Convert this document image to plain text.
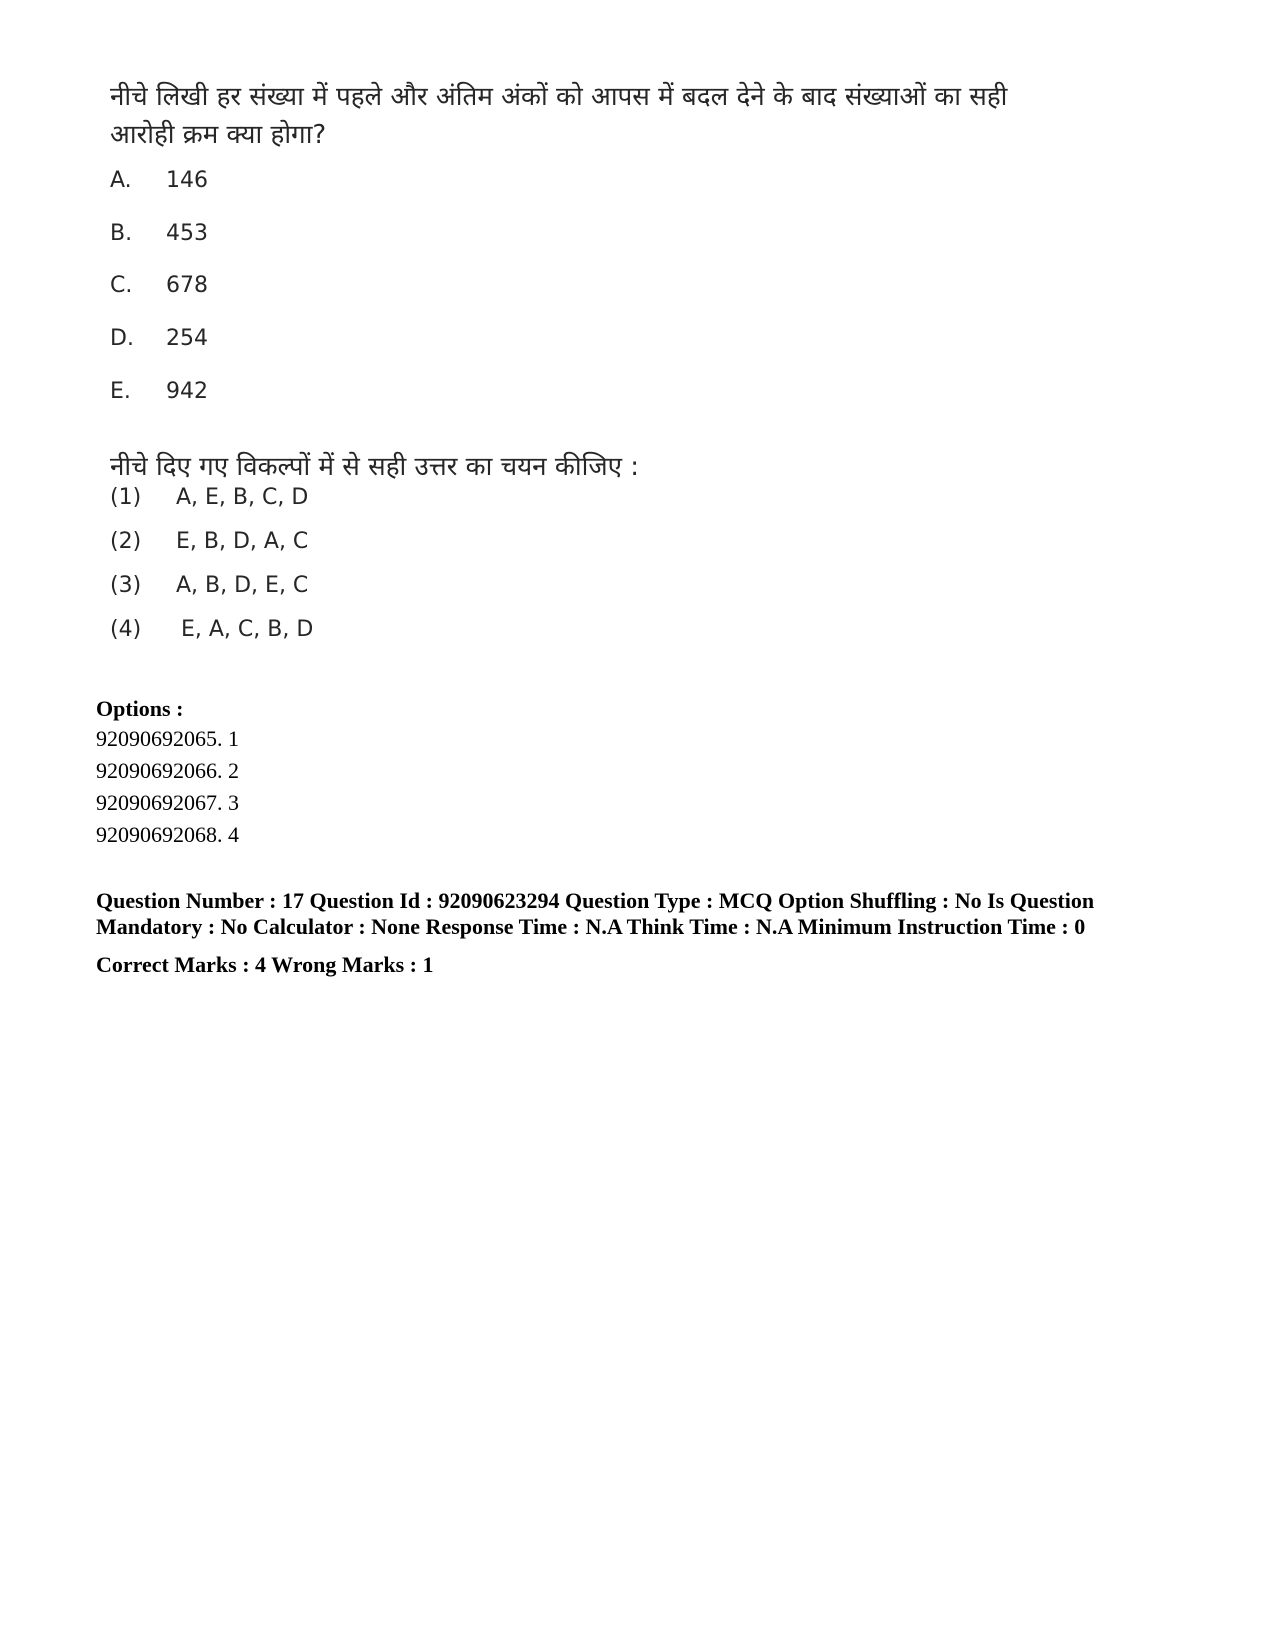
नीचे लिखी हर संख्या में पहले और अंतिम अंकों को आपस में बदल देने के बाद संख्याओं का सही आरोही क्रम क्या होगा?
A. 146
B. 453
C. 678
D. 254
E. 942
नीचे दिए गए विकल्पों में से सही उत्तर का चयन कीजिए :
(1) A, E, B, C, D
(2) E, B, D, A, C
(3) A, B, D, E, C
(4) E, A, C, B, D
Options :
92090692065. 1
92090692066. 2
92090692067. 3
92090692068. 4
Question Number : 17 Question Id : 92090623294 Question Type : MCQ Option Shuffling : No Is Question Mandatory : No Calculator : None Response Time : N.A Think Time : N.A Minimum Instruction Time : 0
Correct Marks : 4 Wrong Marks : 1
